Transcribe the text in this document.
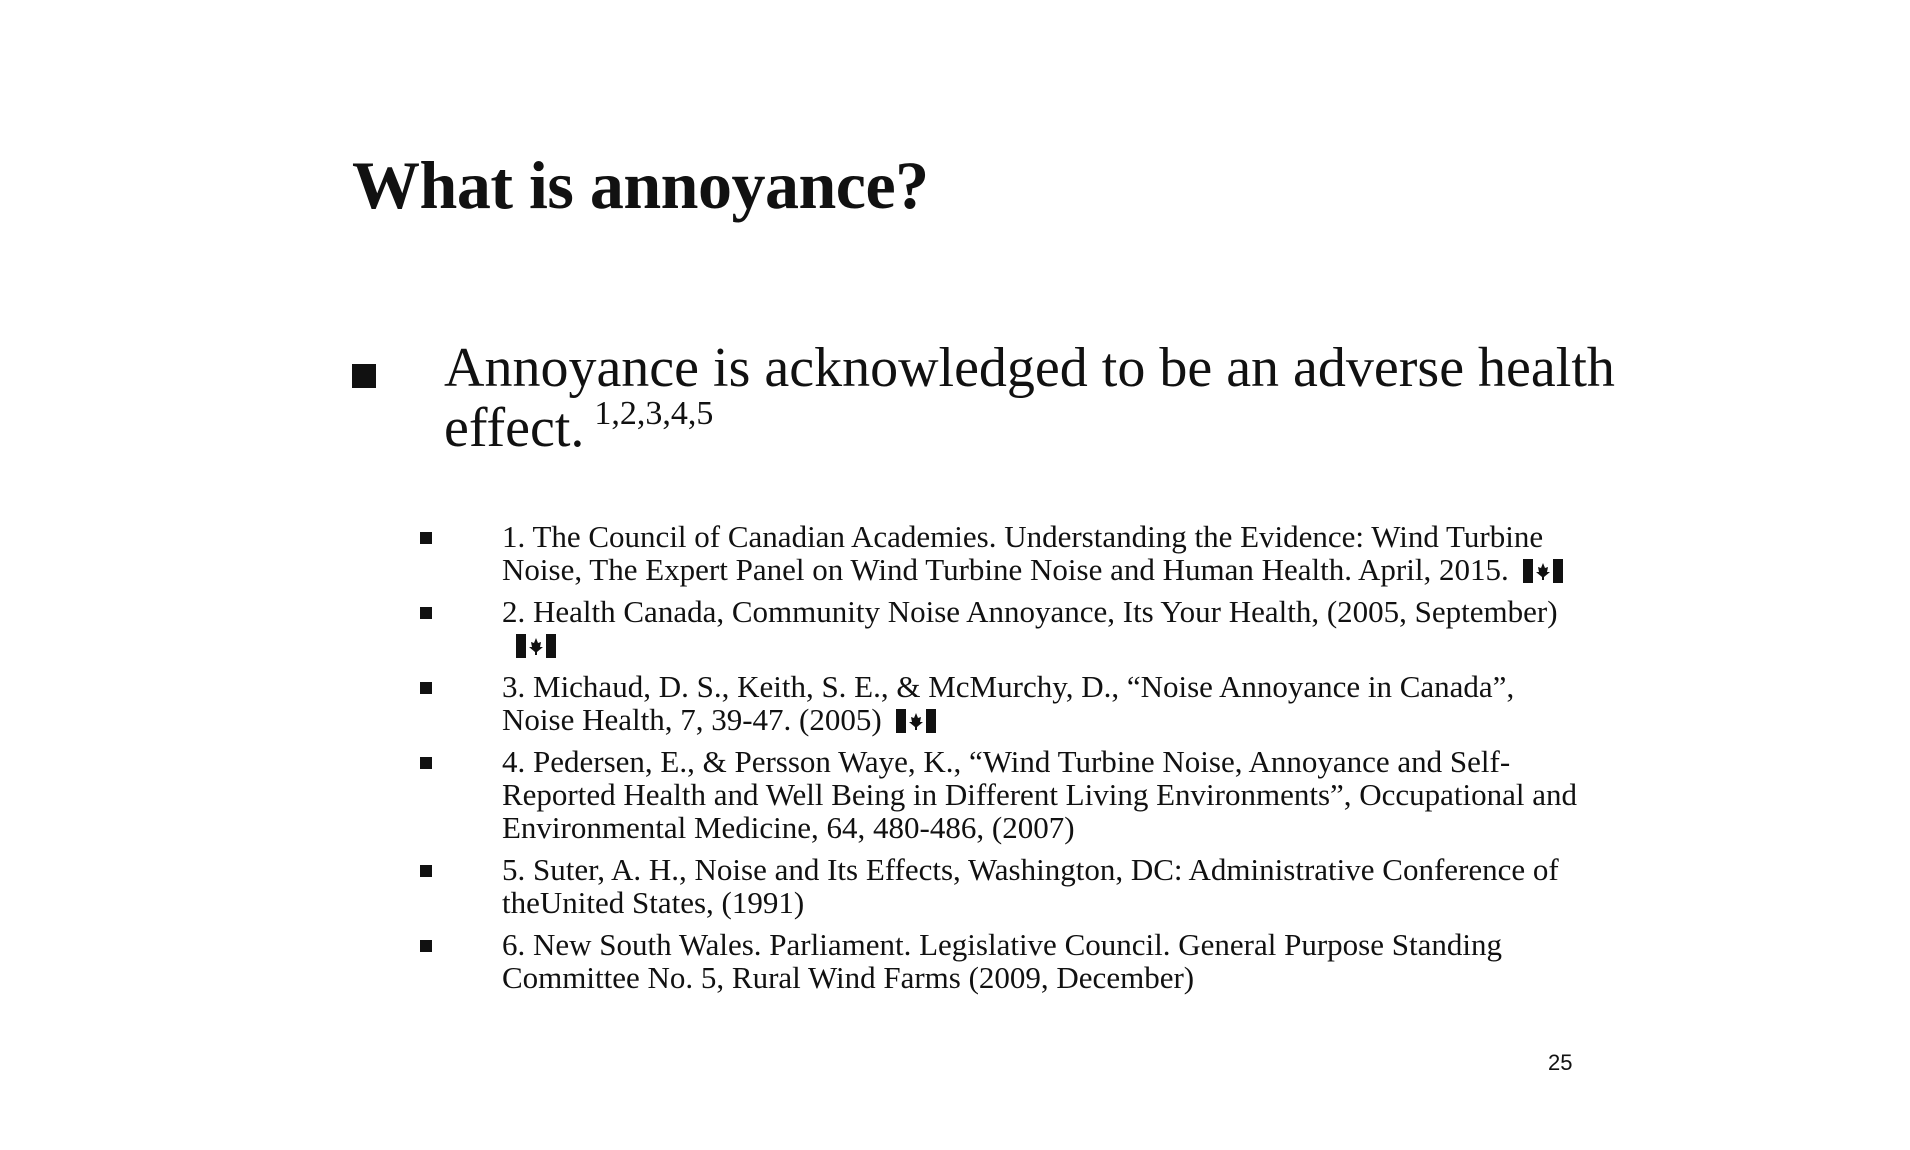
What is annoyance?
Annoyance is acknowledged to be an adverse health effect. $^{1,2,3,4,5}$
1. The Council of Canadian Academies. Understanding the Evidence: Wind Turbine Noise, The Expert Panel on Wind Turbine Noise and Human Health. April, 2015.
2. Health Canada, Community Noise Annoyance, Its Your Health, (2005, September)
3. Michaud, D. S., Keith, S. E., & McMurchy, D., “Noise Annoyance in Canada”, Noise Health, 7, 39-47. (2005)
4. Pedersen, E., & Persson Waye, K., “Wind Turbine Noise, Annoyance and Self-Reported Health and Well Being in Different Living Environments”, Occupational and Environmental Medicine, 64, 480-486, (2007)
5. Suter, A. H., Noise and Its Effects, Washington, DC: Administrative Conference of theUnited States, (1991)
6. New South Wales. Parliament. Legislative Council. General Purpose Standing Committee No. 5, Rural Wind Farms (2009, December)
25
